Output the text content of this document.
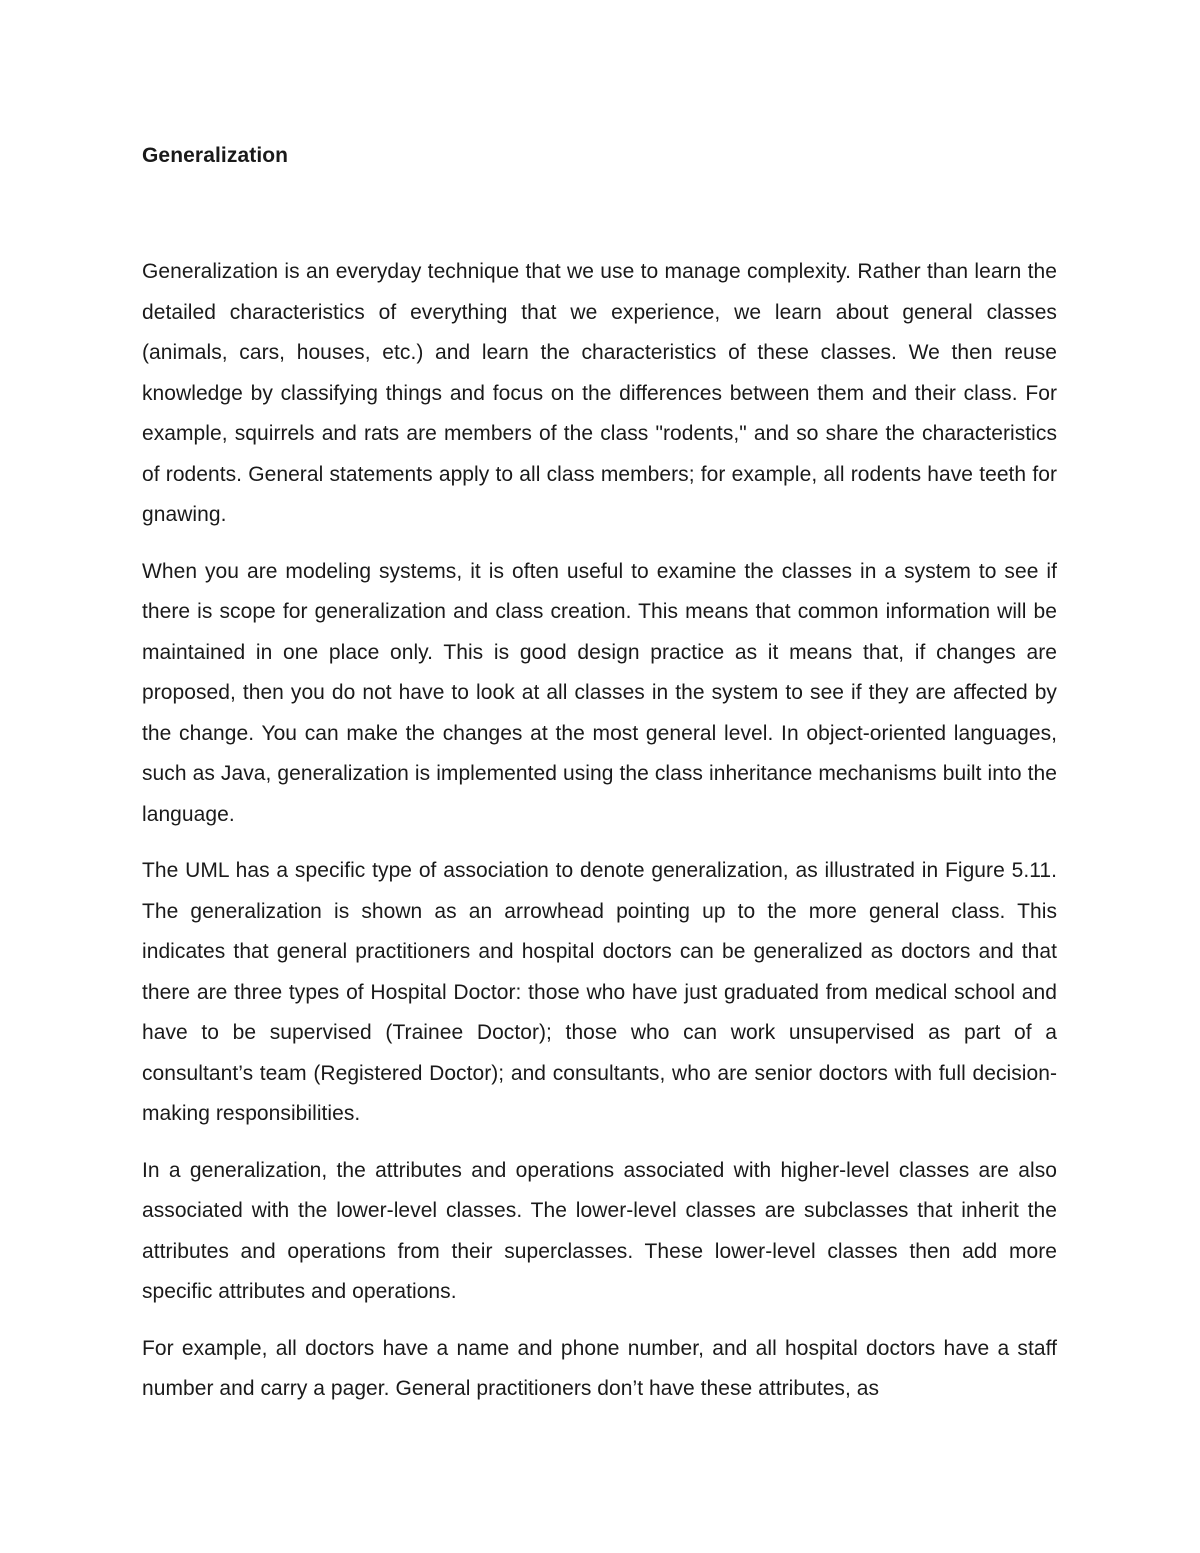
Generalization

Generalization is an everyday technique that we use to manage complexity. Rather than learn the detailed characteristics of everything that we experience, we learn about general classes (animals, cars, houses, etc.) and learn the characteristics of these classes. We then reuse knowledge by classifying things and focus on the differences between them and their class. For example, squirrels and rats are members of the class "rodents," and so share the characteristics of rodents. General statements apply to all class members; for example, all rodents have teeth for gnawing.

When you are modeling systems, it is often useful to examine the classes in a system to see if there is scope for generalization and class creation. This means that common information will be maintained in one place only. This is good design practice as it means that, if changes are proposed, then you do not have to look at all classes in the system to see if they are affected by the change. You can make the changes at the most general level. In object-oriented languages, such as Java, generalization is implemented using the class inheritance mechanisms built into the language.

The UML has a specific type of association to denote generalization, as illustrated in Figure 5.11. The generalization is shown as an arrowhead pointing up to the more general class. This indicates that general practitioners and hospital doctors can be generalized as doctors and that there are three types of Hospital Doctor: those who have just graduated from medical school and have to be supervised (Trainee Doctor); those who can work unsupervised as part of a consultant’s team (Registered Doctor); and consultants, who are senior doctors with full decision-making responsibilities.

In a generalization, the attributes and operations associated with higher-level classes are also associated with the lower-level classes. The lower-level classes are subclasses that inherit the attributes and operations from their superclasses. These lower-level classes then add more specific attributes and operations.

For example, all doctors have a name and phone number, and all hospital doctors have a staff number and carry a pager. General practitioners don’t have these attributes, as
